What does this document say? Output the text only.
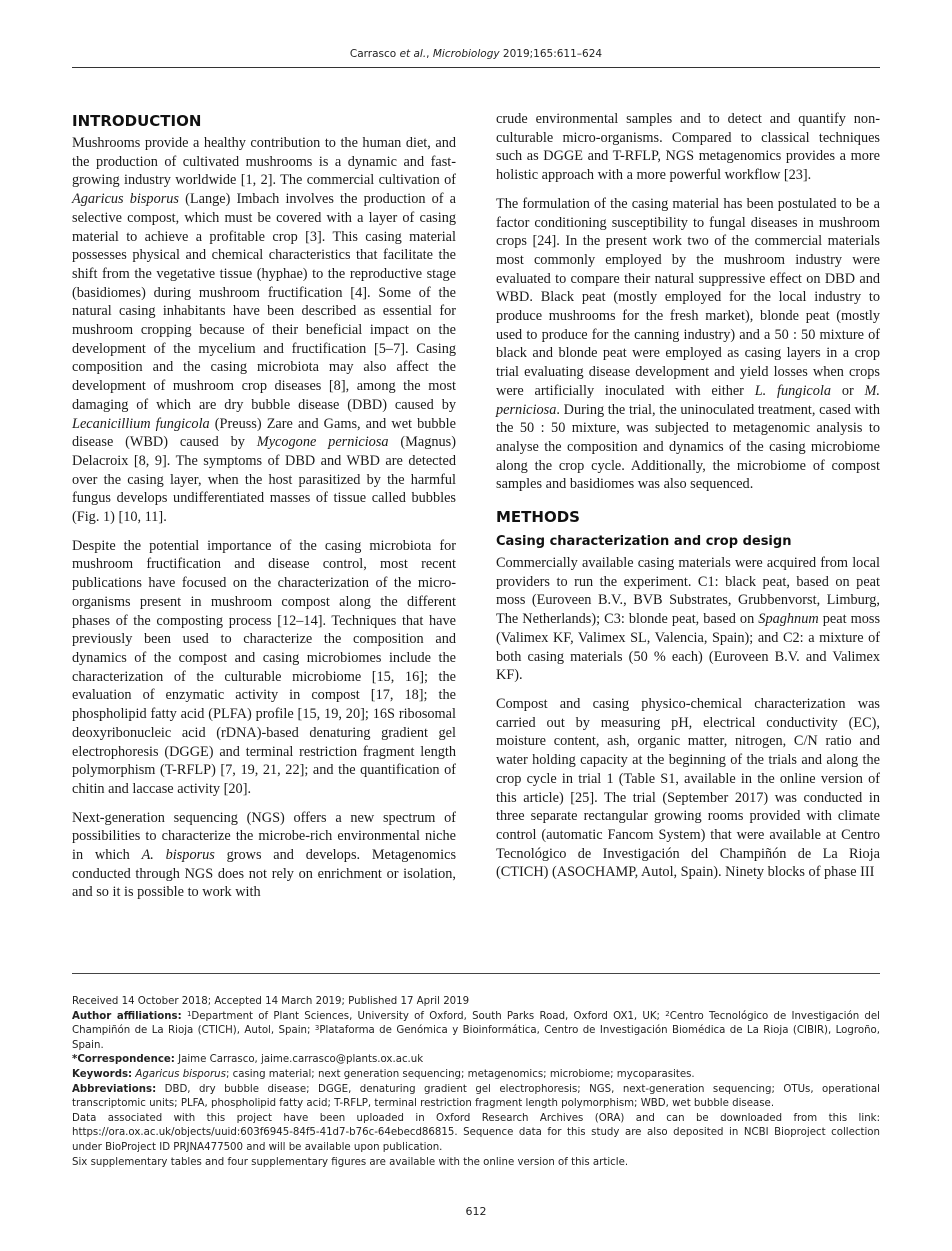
Carrasco et al., Microbiology 2019;165:611–624
INTRODUCTION

Mushrooms provide a healthy contribution to the human diet, and the production of cultivated mushrooms is a dynamic and fast-growing industry worldwide [1, 2]. The commercial cultivation of Agaricus bisporus (Lange) Imbach involves the production of a selective compost, which must be covered with a layer of casing material to achieve a profitable crop [3]. This casing material possesses physical and chemical characteristics that facilitate the shift from the vegetative tissue (hyphae) to the reproductive stage (basidiomes) during mushroom fructification [4]. Some of the natural casing inhabitants have been described as essential for mushroom cropping because of their beneficial impact on the development of the mycelium and fructification [5–7]. Casing composition and the casing microbiota may also affect the development of mushroom crop diseases [8], among the most damaging of which are dry bubble disease (DBD) caused by Lecanicillium fungicola (Preuss) Zare and Gams, and wet bubble disease (WBD) caused by Mycogone perniciosa (Magnus) Delacroix [8, 9]. The symptoms of DBD and WBD are detected over the casing layer, when the host parasitized by the harmful fungus develops undifferentiated masses of tissue called bubbles (Fig. 1) [10, 11].

Despite the potential importance of the casing microbiota for mushroom fructification and disease control, most recent publications have focused on the characterization of the micro-organisms present in mushroom compost along the different phases of the composting process [12–14]. Techniques that have previously been used to characterize the composition and dynamics of the compost and casing microbiomes include the characterization of the culturable microbiome [15, 16]; the evaluation of enzymatic activity in compost [17, 18]; the phospholipid fatty acid (PLFA) profile [15, 19, 20]; 16S ribosomal deoxyribonucleic acid (rDNA)-based denaturing gradient gel electrophoresis (DGGE) and terminal restriction fragment length polymorphism (T-RFLP) [7, 19, 21, 22]; and the quantification of chitin and laccase activity [20].

Next-generation sequencing (NGS) offers a new spectrum of possibilities to characterize the microbe-rich environmental niche in which A. bisporus grows and develops. Metagenomics conducted through NGS does not rely on enrichment or isolation, and so it is possible to work with

crude environmental samples and to detect and quantify non-culturable micro-organisms. Compared to classical techniques such as DGGE and T-RFLP, NGS metagenomics provides a more holistic approach with a more powerful workflow [23].

The formulation of the casing material has been postulated to be a factor conditioning susceptibility to fungal diseases in mushroom crops [24]. In the present work two of the commercial materials most commonly employed by the mushroom industry were evaluated to compare their natural suppressive effect on DBD and WBD. Black peat (mostly employed for the local industry to produce mushrooms for the fresh market), blonde peat (mostly used to produce for the canning industry) and a 50 : 50 mixture of black and blonde peat were employed as casing layers in a crop trial evaluating disease development and yield losses when crops were artificially inoculated with either L. fungicola or M. perniciosa. During the trial, the uninoculated treatment, cased with the 50 : 50 mixture, was subjected to metagenomic analysis to analyse the composition and dynamics of the casing microbiome along the crop cycle. Additionally, the microbiome of compost samples and basidiomes was also sequenced.

METHODS
Casing characterization and crop design

Commercially available casing materials were acquired from local providers to run the experiment. C1: black peat, based on peat moss (Euroveen B.V., BVB Substrates, Grubbenvorst, Limburg, The Netherlands); C3: blonde peat, based on Spaghnum peat moss (Valimex KF, Valimex SL, Valencia, Spain); and C2: a mixture of both casing materials (50 % each) (Euroveen B.V. and Valimex KF).

Compost and casing physico-chemical characterization was carried out by measuring pH, electrical conductivity (EC), moisture content, ash, organic matter, nitrogen, C/N ratio and water holding capacity at the beginning of the trials and along the crop cycle in trial 1 (Table S1, available in the online version of this article) [25]. The trial (September 2017) was conducted in three separate rectangular growing rooms provided with climate control (automatic Fancom System) that were available at Centro Tecnológico de Investigación del Champiñón de La Rioja (CTICH) (ASOCHAMP, Autol, Spain). Ninety blocks of phase III

Received 14 October 2018; Accepted 14 March 2019; Published 17 April 2019
Author affiliations: $^1$Department of Plant Sciences, University of Oxford, South Parks Road, Oxford OX1, UK; $^2$Centro Tecnológico de Investigación del Champiñón de La Rioja (CTICH), Autol, Spain; $^3$Plataforma de Genómica y Bioinformática, Centro de Investigación Biomédica de La Rioja (CIBIR), Logroño, Spain.
*Correspondence: Jaime Carrasco, jaime.carrasco@plants.ox.ac.uk
Keywords: Agaricus bisporus; casing material; next generation sequencing; metagenomics; microbiome; mycoparasites.
Abbreviations: DBD, dry bubble disease; DGGE, denaturing gradient gel electrophoresis; NGS, next-generation sequencing; OTUs, operational transcriptomic units; PLFA, phospholipid fatty acid; T-RFLP, terminal restriction fragment length polymorphism; WBD, wet bubble disease.
Data associated with this project have been uploaded in Oxford Research Archives (ORA) and can be downloaded from this link: https://ora.ox.ac.uk/objects/uuid:603f6945-84f5-41d7-b76c-64ebecd86815. Sequence data for this study are also deposited in NCBI Bioproject collection under BioProject ID PRJNA477500 and will be available upon publication.
Six supplementary tables and four supplementary figures are available with the online version of this article.
612
